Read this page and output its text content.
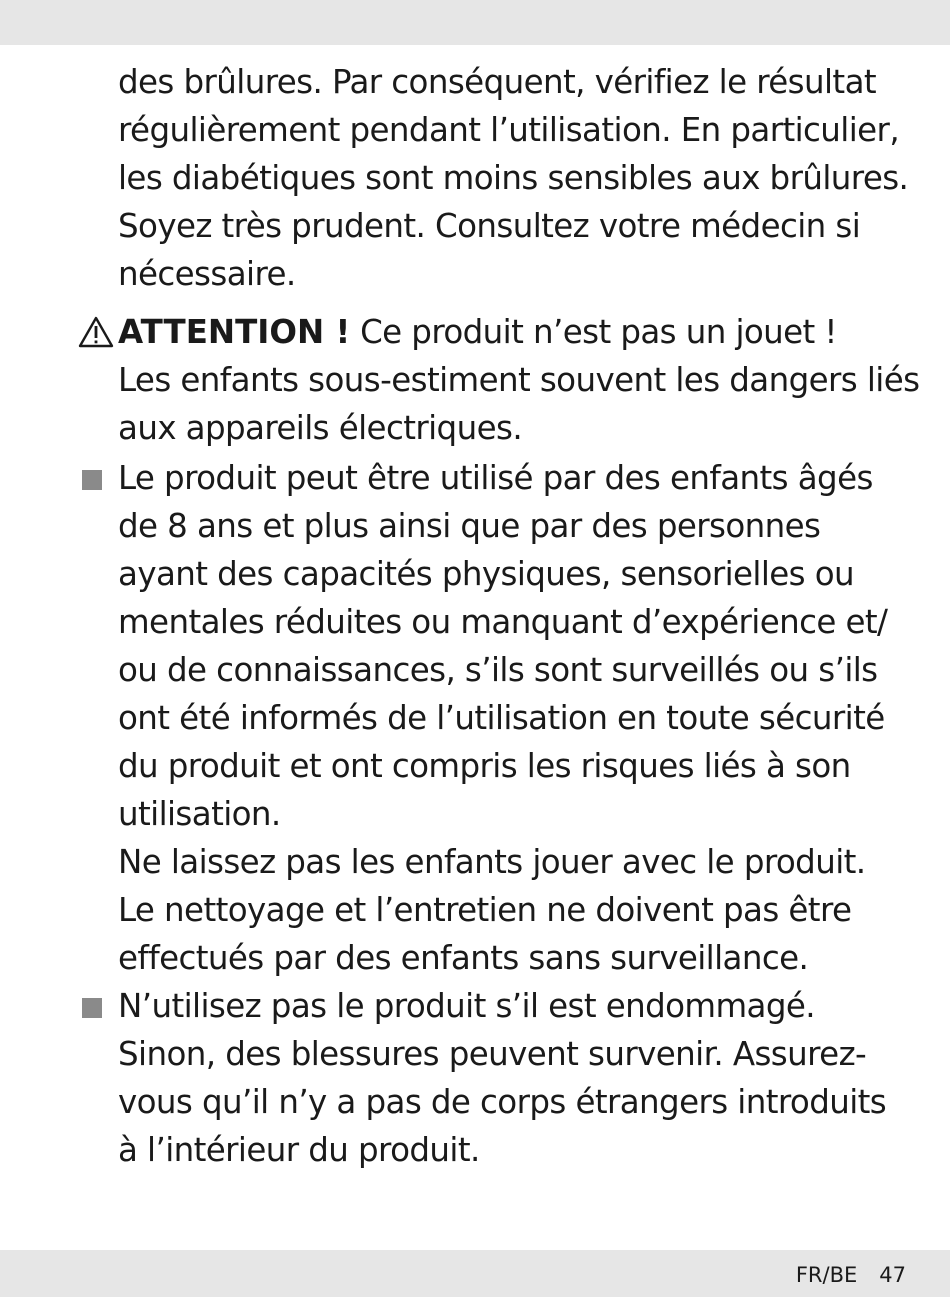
des brûlures. Par conséquent, vérifiez le résultat
régulièrement pendant l’utilisation. En particulier,
les diabétiques sont moins sensibles aux brûlures.
Soyez très prudent. Consultez votre médecin si
nécessaire.
ATTENTION ! Ce produit n’est pas un jouet !
Les enfants sous-estiment souvent les dangers liés
aux appareils électriques.
Le produit peut être utilisé par des enfants âgés
de 8 ans et plus ainsi que par des personnes
ayant des capacités physiques, sensorielles ou
mentales réduites ou manquant d’expérience et/
ou de connaissances, s’ils sont surveillés ou s’ils
ont été informés de l’utilisation en toute sécurité
du produit et ont compris les risques liés à son
utilisation.
Ne laissez pas les enfants jouer avec le produit.
Le nettoyage et l’entretien ne doivent pas être
effectués par des enfants sans surveillance.
N’utilisez pas le produit s’il est endommagé.
Sinon, des blessures peuvent survenir. Assurez-
vous qu’il n’y a pas de corps étrangers introduits
à l’intérieur du produit.
FR/BE 47
